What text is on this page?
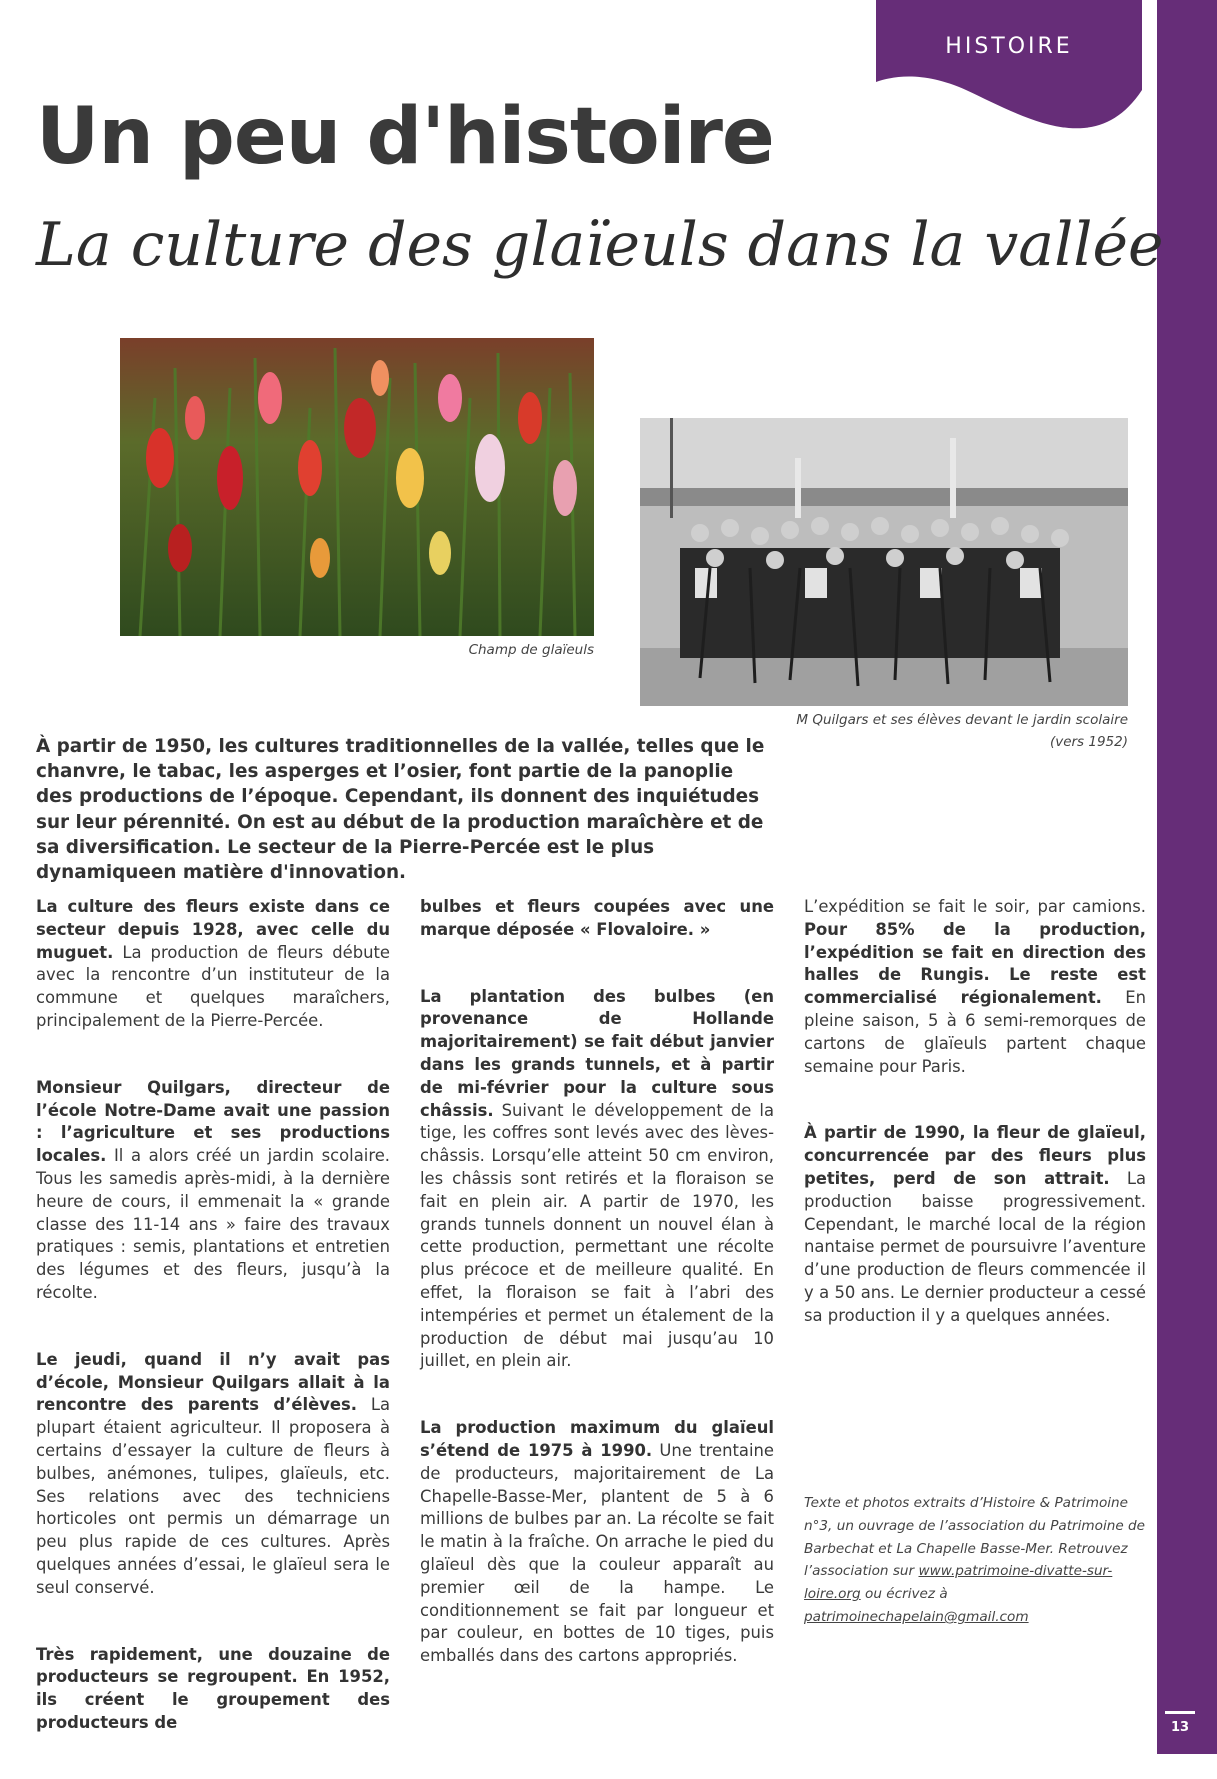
13
HISTOIRE
Un peu d'histoire
La culture des glaïeuls dans la vallée
Champ de glaïeuls
M Quilgars et ses élèves devant le jardin scolaire
(vers 1952)

À partir de 1950, les cultures traditionnelles de la vallée, telles que le chanvre, le tabac, les asperges et l’osier, font partie de la panoplie des productions de l’époque. Cependant, ils donnent des inquiétudes sur leur pérennité. On est au début de la production maraîchère et de sa diversification. Le secteur de la Pierre-Percée est le plus dynamiqueen matière d'innovation.

La culture des fleurs existe dans ce secteur depuis 1928, avec celle du muguet. La production de fleurs débute avec la rencontre d’un instituteur de la commune et quelques maraîchers, principalement de la Pierre-Percée.

Monsieur Quilgars, directeur de l’école Notre-Dame avait une passion : l’agriculture et ses productions locales. Il a alors créé un jardin scolaire. Tous les samedis après-midi, à la dernière heure de cours, il emmenait la « grande classe des 11-14 ans » faire des travaux pratiques : semis, plantations et entretien des légumes et des fleurs, jusqu’à la récolte.

Le jeudi, quand il n’y avait pas d’école, Monsieur Quilgars allait à la rencontre des parents d’élèves. La plupart étaient agriculteur. Il proposera à certains d’essayer la culture de fleurs à bulbes, anémones, tulipes, glaïeuls, etc. Ses relations avec des techniciens horticoles ont permis un démarrage un peu plus rapide de ces cultures. Après quelques années d’essai, le glaïeul sera le seul conservé.

Très rapidement, une douzaine de producteurs se regroupent. En 1952, ils créent le groupement des producteurs de

bulbes et fleurs coupées avec une marque déposée « Flovaloire. »

La plantation des bulbes (en provenance de Hollande majoritairement) se fait début janvier dans les grands tunnels, et à partir de mi-février pour la culture sous châssis. Suivant le développement de la tige, les coffres sont levés avec des lèves-châssis. Lorsqu’elle atteint 50 cm environ, les châssis sont retirés et la floraison se fait en plein air. A partir de 1970, les grands tunnels donnent un nouvel élan à cette production, permettant une récolte plus précoce et de meilleure qualité. En effet, la floraison se fait à l’abri des intempéries et permet un étalement de la production de début mai jusqu’au 10 juillet, en plein air.

La production maximum du glaïeul s’étend de 1975 à 1990. Une trentaine de producteurs, majoritairement de La Chapelle-Basse-Mer, plantent de 5 à 6 millions de bulbes par an. La récolte se fait le matin à la fraîche. On arrache le pied du glaïeul dès que la couleur apparaît au premier œil de la hampe. Le conditionnement se fait par longueur et par couleur, en bottes de 10 tiges, puis emballés dans des cartons appropriés.

L’expédition se fait le soir, par camions. Pour 85% de la production, l’expédition se fait en direction des halles de Rungis. Le reste est commercialisé régionalement. En pleine saison, 5 à 6 semi-remorques de cartons de glaïeuls partent chaque semaine pour Paris.

À partir de 1990, la fleur de glaïeul, concurrencée par des fleurs plus petites, perd de son attrait. La production baisse progressivement. Cependant, le marché local de la région nantaise permet de poursuivre l’aventure d’une production de fleurs commencée il y a 50 ans. Le dernier producteur a cessé sa production il y a quelques années.

Texte et photos extraits d’Histoire & Patrimoine n°3, un ouvrage de l’association du Patrimoine de Barbechat et La Chapelle Basse-Mer. Retrouvez l’association sur www.patrimoine-divatte-sur-loire.org ou écrivez à patrimoinechapelain@gmail.com
